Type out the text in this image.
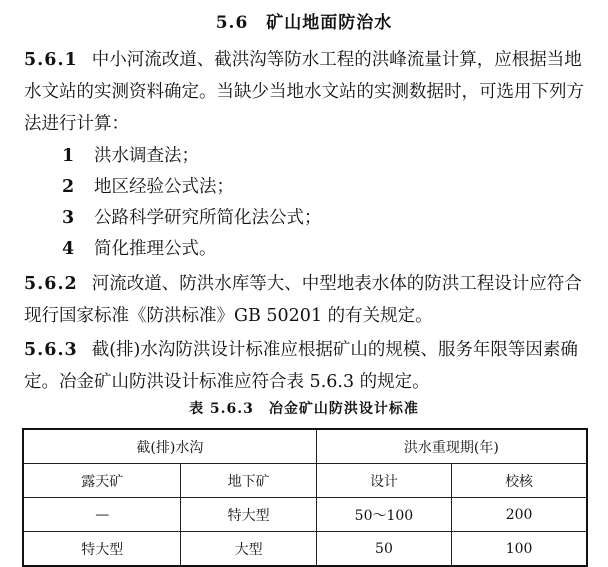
5.6　矿山地面防治水
5.6.1 中小河流改道、截洪沟等防水工程的洪峰流量计算，应根据当地水文站的实测资料确定。当缺少当地水文站的实测数据时，可选用下列方法进行计算：
1 洪水调查法；
2 地区经验公式法；
3 公路科学研究所简化法公式；
4 简化推理公式。
5.6.2 河流改道、防洪水库等大、中型地表水体的防洪工程设计应符合现行国家标准《防洪标准》GB 50201 的有关规定。
5.6.3 截(排)水沟防洪设计标准应根据矿山的规模、服务年限等因素确定。冶金矿山防洪设计标准应符合表 5.6.3 的规定。
表 5.6.3　冶金矿山防洪设计标准
截(排)水沟		洪水重现期(年)	
露天矿	地下矿	设计	校核
—	特大型	50～100	200
特大型	大型	50	100
